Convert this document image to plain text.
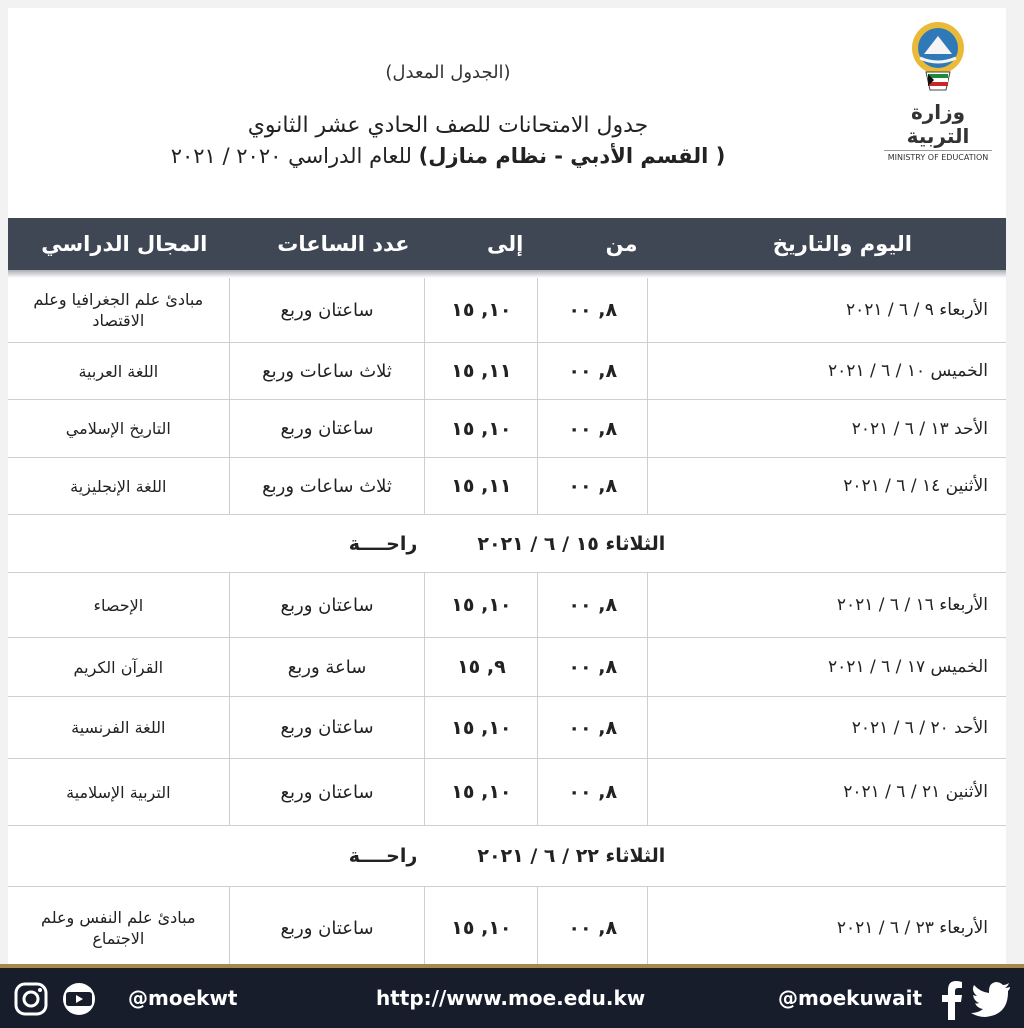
وزارة التربية
MINISTRY OF EDUCATION
(الجدول المعدل)
جدول الامتحانات للصف الحادي عشر الثانوي
( القسم الأدبي - نظام منازل) للعام الدراسي ٢٠٢٠ / ٢٠٢١
اليوم والتاريخ
من
إلى
عدد الساعات
المجال الدراسي
الأربعاء ٩ / ٦ / ٢٠٢١
٨, ٠٠
١٠, ١٥
ساعتان وربع
مبادئ علم الجغرافيا وعلم الاقتصاد
الخميس ١٠ / ٦ / ٢٠٢١
٨, ٠٠
١١, ١٥
ثلاث ساعات وربع
اللغة العربية
الأحد ١٣ / ٦ / ٢٠٢١
٨, ٠٠
١٠, ١٥
ساعتان وربع
التاريخ الإسلامي
الأثنين ١٤ / ٦ / ٢٠٢١
٨, ٠٠
١١, ١٥
ثلاث ساعات وربع
اللغة الإنجليزية
الثلاثاء ١٥ / ٦ / ٢٠٢١
راحــــة
الأربعاء ١٦ / ٦ / ٢٠٢١
٨, ٠٠
١٠, ١٥
ساعتان وربع
الإحصاء
الخميس ١٧ / ٦ / ٢٠٢١
٨, ٠٠
٩, ١٥
ساعة وربع
القرآن الكريم
الأحد ٢٠ / ٦ / ٢٠٢١
٨, ٠٠
١٠, ١٥
ساعتان وربع
اللغة الفرنسية
الأثنين ٢١ / ٦ / ٢٠٢١
٨, ٠٠
١٠, ١٥
ساعتان وربع
التربية الإسلامية
الثلاثاء ٢٢ / ٦ / ٢٠٢١
راحــــة
الأربعاء ٢٣ / ٦ / ٢٠٢١
٨, ٠٠
١٠, ١٥
ساعتان وربع
مبادئ علم النفس وعلم الاجتماع
@moekwt	http://www.moe.edu.kw	@moekuwait
